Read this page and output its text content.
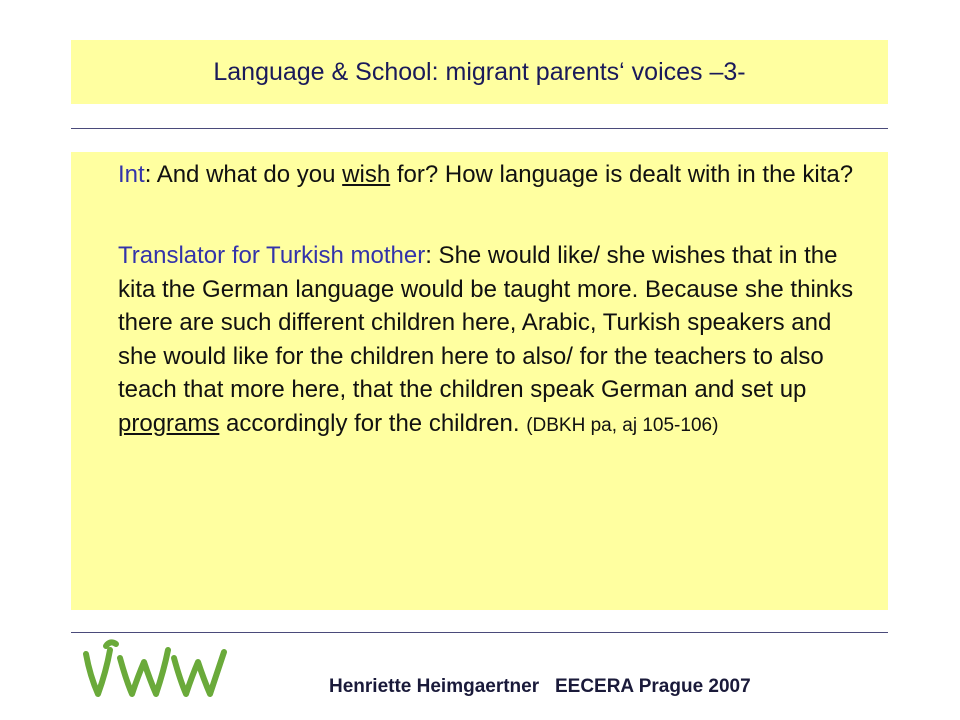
Language & School: migrant parents‘ voices –3-

Int: And what do you wish for? How language is dealt with in the kita?

Translator for Turkish mother: She would like/ she wishes that in the kita the German language would be taught more. Because she thinks there are such different children here, Arabic, Turkish speakers and she would like for the children here to also/ for the teachers to also teach that more here, that the children speak German and set up programs accordingly for the children. (DBKH pa, aj 105-106)

Henriette Heimgaertner EECERA Prague 2007
